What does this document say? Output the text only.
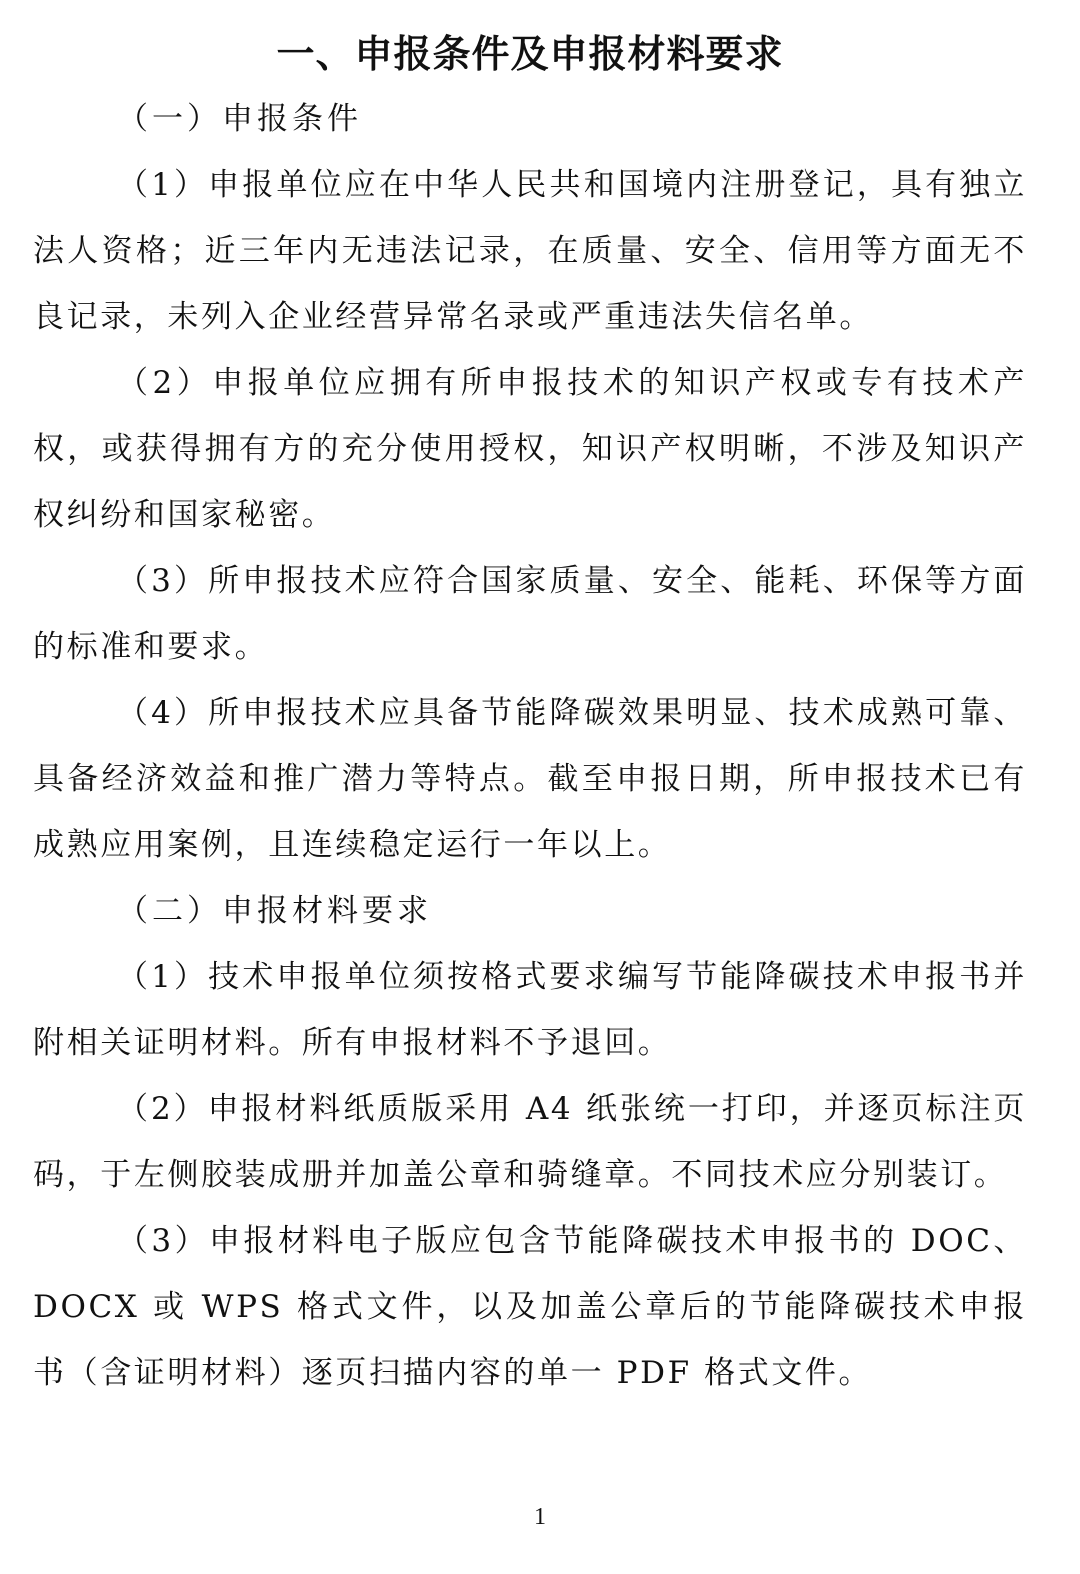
一、申报条件及申报材料要求
（一）申报条件

（1）申报单位应在中华人民共和国境内注册登记，具有独立法人资格；近三年内无违法记录，在质量、安全、信用等方面无不良记录，未列入企业经营异常名录或严重违法失信名单。

（2）申报单位应拥有所申报技术的知识产权或专有技术产权，或获得拥有方的充分使用授权，知识产权明晰，不涉及知识产权纠纷和国家秘密。

（3）所申报技术应符合国家质量、安全、能耗、环保等方面的标准和要求。

（4）所申报技术应具备节能降碳效果明显、技术成熟可靠、具备经济效益和推广潜力等特点。截至申报日期，所申报技术已有成熟应用案例，且连续稳定运行一年以上。

（二）申报材料要求

（1）技术申报单位须按格式要求编写节能降碳技术申报书并附相关证明材料。所有申报材料不予退回。

（2）申报材料纸质版采用 A4 纸张统一打印，并逐页标注页码，于左侧胶装成册并加盖公章和骑缝章。不同技术应分别装订。

（3）申报材料电子版应包含节能降碳技术申报书的 DOC、DOCX 或 WPS 格式文件，以及加盖公章后的节能降碳技术申报书（含证明材料）逐页扫描内容的单一 PDF 格式文件。

1
